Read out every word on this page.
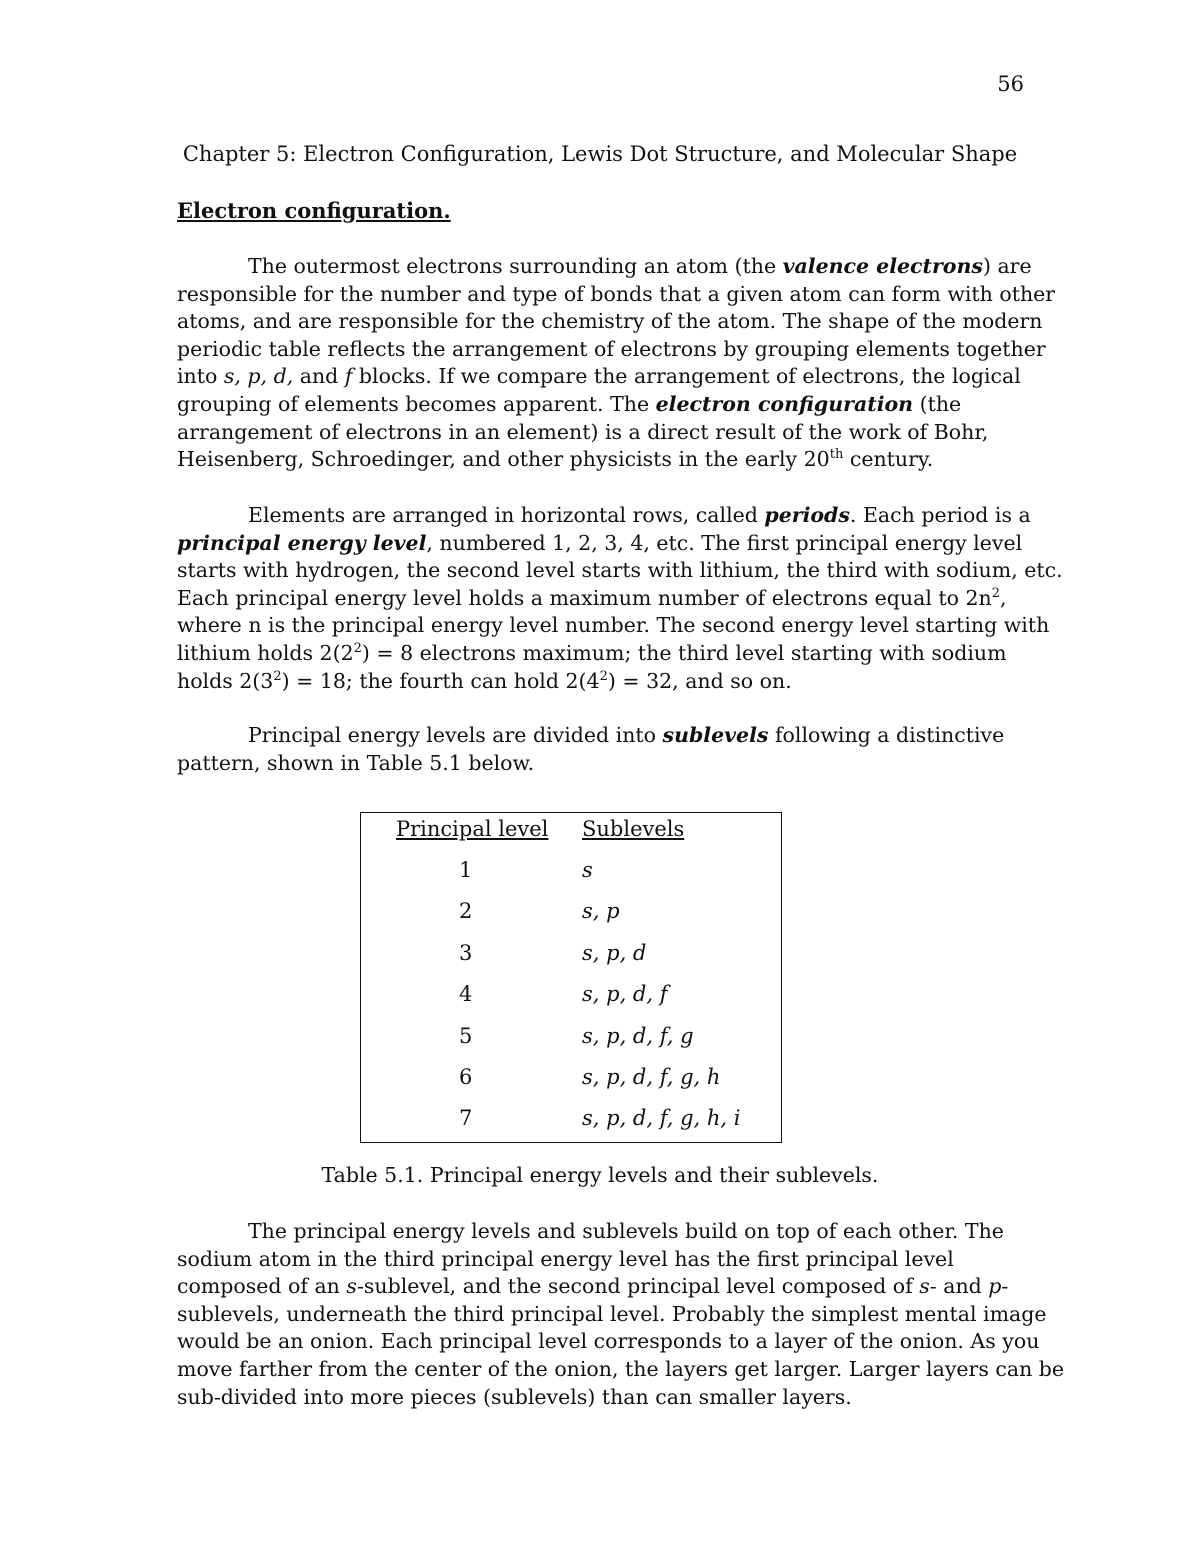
56
Chapter 5: Electron Configuration, Lewis Dot Structure, and Molecular Shape
Electron configuration.

The outermost electrons surrounding an atom (the valence electrons) are
responsible for the number and type of bonds that a given atom can form with other
atoms, and are responsible for the chemistry of the atom. The shape of the modern
periodic table reflects the arrangement of electrons by grouping elements together
into s, p, d, and f blocks. If we compare the arrangement of electrons, the logical
grouping of elements becomes apparent. The electron configuration (the
arrangement of electrons in an element) is a direct result of the work of Bohr,
Heisenberg, Schroedinger, and other physicists in the early 20th century.

Elements are arranged in horizontal rows, called periods. Each period is a
principal energy level, numbered 1, 2, 3, 4, etc. The first principal energy level
starts with hydrogen, the second level starts with lithium, the third with sodium, etc.
Each principal energy level holds a maximum number of electrons equal to $2n^2$,
where n is the principal energy level number. The second energy level starting with
lithium holds $2(2^2) = 8$ electrons maximum; the third level starting with sodium
holds $2(3^2) = 18$; the fourth can hold $2(4^2) = 32$, and so on.

Principal energy levels are divided into sublevels following a distinctive
pattern, shown in Table 5.1 below.

Principal level Sublevels
1	s
2	s, p
3	s, p, d
4	s, p, d, f
5	s, p, d, f, g
6	s, p, d, f, g, h
7	s, p, d, f, g, h, i
Table 5.1. Principal energy levels and their sublevels.

The principal energy levels and sublevels build on top of each other. The
sodium atom in the third principal energy level has the first principal level
composed of an s-sublevel, and the second principal level composed of s- and p-
sublevels, underneath the third principal level. Probably the simplest mental image
would be an onion. Each principal level corresponds to a layer of the onion. As you
move farther from the center of the onion, the layers get larger. Larger layers can be
sub-divided into more pieces (sublevels) than can smaller layers.
